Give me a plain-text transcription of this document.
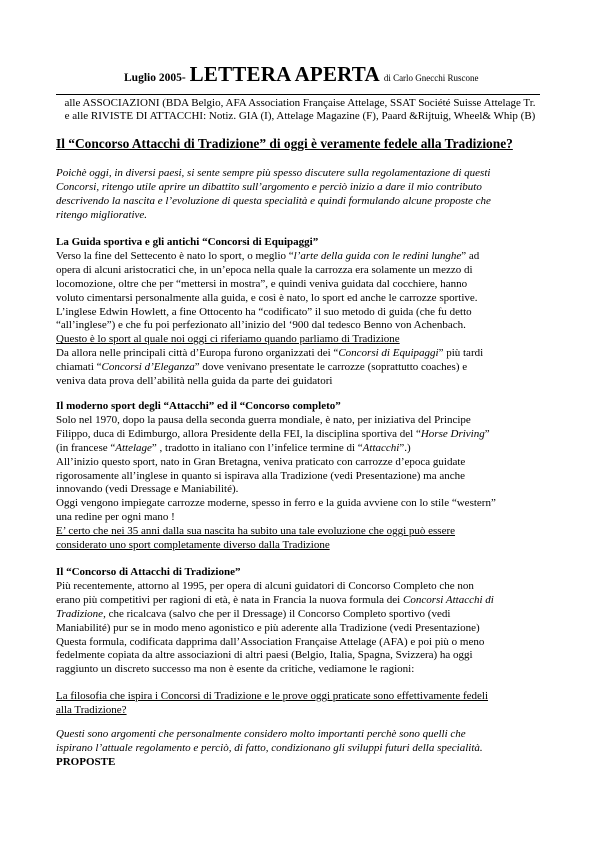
Luglio 2005- LETTERA APERTA di Carlo Gnecchi Ruscone
alle ASSOCIAZIONI (BDA Belgio, AFA Association Française Attelage, SSAT Société Suisse Attelage Tr.
e alle RIVISTE DI ATTACCHI: Notiz. GIA (I), Attelage Magazine (F), Paard &Rijtuig, Wheel& Whip (B)
Il “Concorso Attacchi di Tradizione” di oggi è veramente fedele alla Tradizione?

Poichè oggi, in diversi paesi, si sente sempre più spesso discutere sulla regolamentazione di questi
Concorsi, ritengo utile aprire un dibattito sull’argomento e perciò inizio a dare il mio contributo
descrivendo la nascita e l’evoluzione di questa specialità e quindi formulando alcune proposte che
ritengo migliorative.

La Guida sportiva e gli antichi “Concorsi di Equipaggi”
Verso la fine del Settecento è nato lo sport, o meglio “l’arte della guida con le redini lunghe” ad
opera di alcuni aristocratici che, in un’epoca nella quale la carrozza era solamente un mezzo di
locomozione, oltre che per “mettersi in mostra”, e quindi veniva guidata dal cocchiere, hanno
voluto cimentarsi personalmente alla guida, e così è nato, lo sport ed anche le carrozze sportive.
L’inglese Edwin Howlett, a fine Ottocento ha “codificato” il suo metodo di guida (che fu detto
“all’inglese”) e che fu poi perfezionato all’inizio del ‘900 dal tedesco Benno von Achenbach.
Questo è lo sport al quale noi oggi ci riferiamo quando parliamo di Tradizione
Da allora nelle principali città d’Europa furono organizzati dei “Concorsi di Equipaggi” più tardi
chiamati “Concorsi d’Eleganza” dove venivano presentate le carrozze (soprattutto coaches) e
veniva data prova dell’abilità nella guida da parte dei guidatori
Il moderno sport degli “Attacchi” ed il “Concorso completo”
Solo nel 1970, dopo la pausa della seconda guerra mondiale, è nato, per iniziativa del Principe
Filippo, duca di Edimburgo, allora Presidente della FEI, la disciplina sportiva del “Horse Driving”
(in francese “Attelage” , tradotto in italiano con l’infelice termine di “Attacchi”.)
All’inizio questo sport, nato in Gran Bretagna, veniva praticato con carrozze d’epoca guidate
rigorosamente all’inglese in quanto si ispirava alla Tradizione (vedi Presentazione) ma anche
innovando (vedi Dressage e Maniabilité).
Oggi vengono impiegate carrozze moderne, spesso in ferro e la guida avviene con lo stile “western”
una redine per ogni mano !
E’ certo che nei 35 anni dalla sua nascita ha subito una tale evoluzione che oggi può essere
considerato uno sport completamente diverso dalla Tradizione
Il “Concorso di Attacchi di Tradizione”
Più recentemente, attorno al 1995, per opera di alcuni guidatori di Concorso Completo che non
erano più competitivi per ragioni di età, è nata in Francia la nuova formula dei Concorsi Attacchi di
Tradizione, che ricalcava (salvo che per il Dressage) il Concorso Completo sportivo (vedi
Maniabilité) pur se in modo meno agonistico e più aderente alla Tradizione (vedi Presentazione)
Questa formula, codificata dapprima dall’Association Française Attelage (AFA) e poi più o meno
fedelmente copiata da altre associazioni di altri paesi (Belgio, Italia, Spagna, Svizzera) ha oggi
raggiunto un discreto successo ma non è esente da critiche, vediamone le ragioni:
La filosofia che ispira i Concorsi di Tradizione e le prove oggi praticate sono effettivamente fedeli
alla Tradizione?
Questi sono argomenti che personalmente considero molto importanti perchè sono quelli che
ispirano l’attuale regolamento e perciò, di fatto, condizionano gli sviluppi futuri della specialità.
PROPOSTE
